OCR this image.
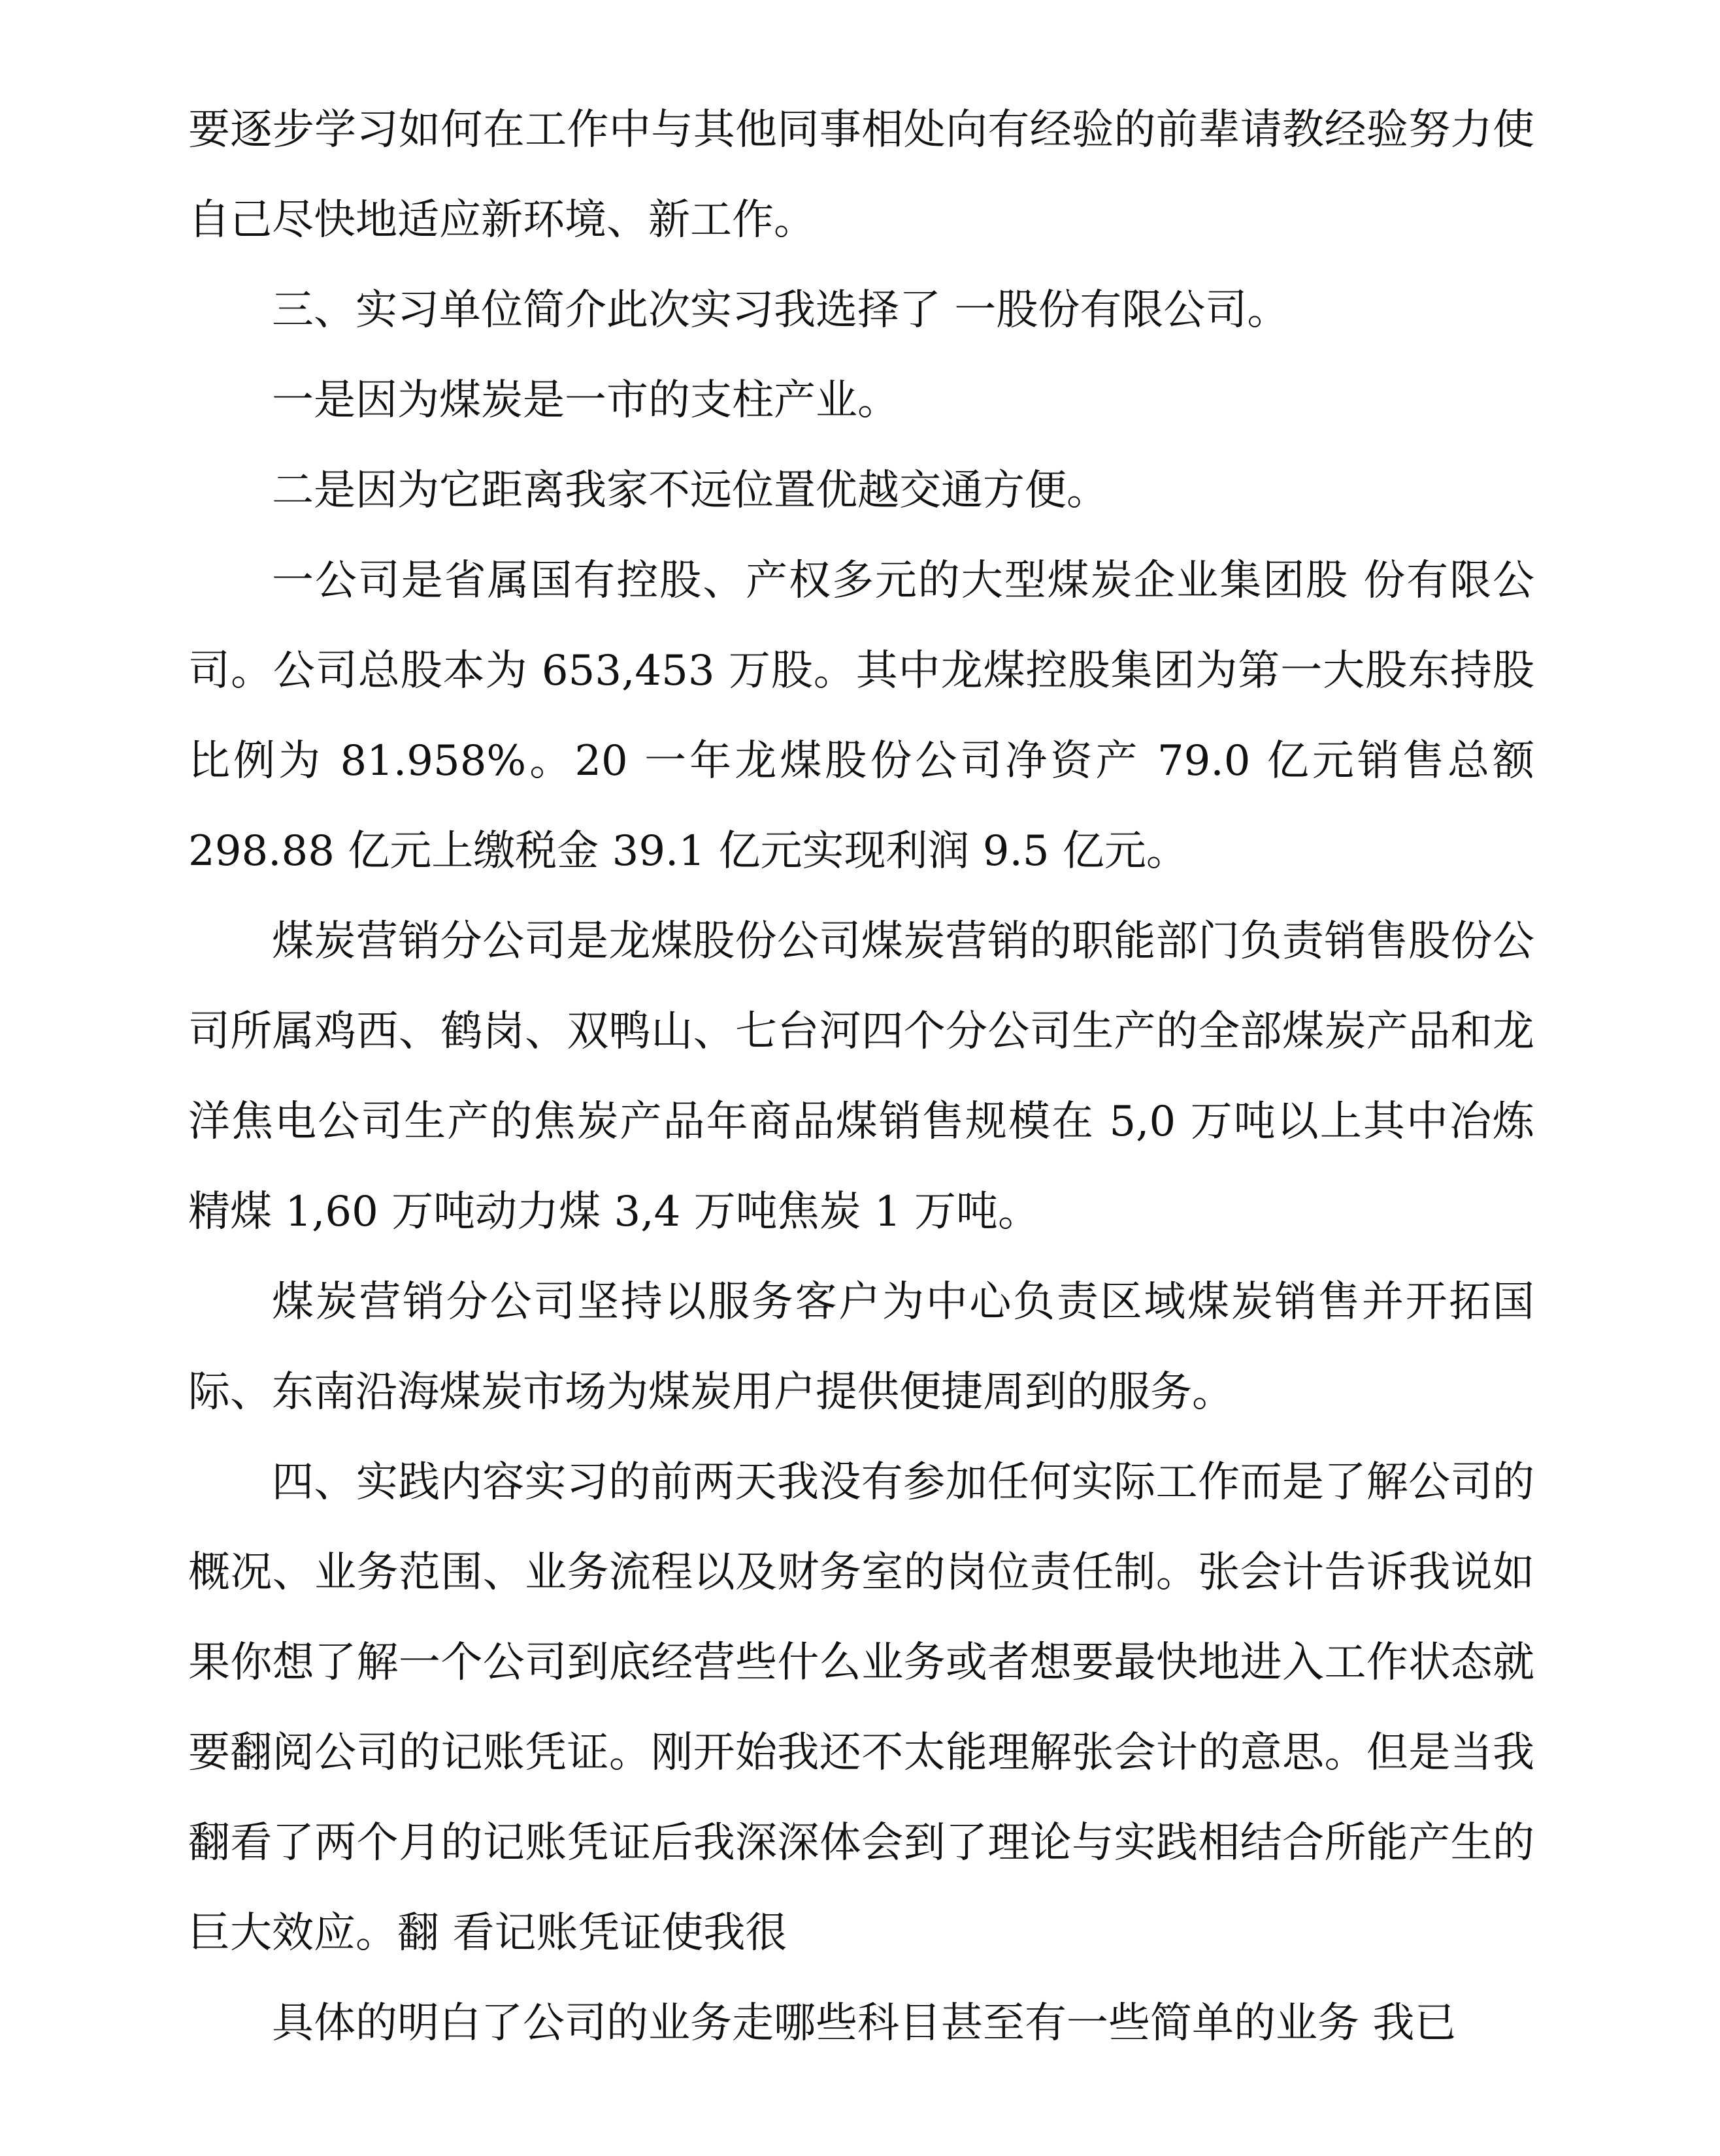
要逐步学习如何在工作中与其他同事相处向有经验的前辈请教经验努力使自己尽快地适应新环境、新工作。

三、实习单位简介此次实习我选择了 一股份有限公司。

一是因为煤炭是一市的支柱产业。

二是因为它距离我家不远位置优越交通方便。

一公司是省属国有控股、产权多元的大型煤炭企业集团股 份有限公司。公司总股本为 653,453 万股。其中龙煤控股集团为第一大股东持股比例为 81.958%。20 一年龙煤股份公司净资产 79.0 亿元销售总额 298.88 亿元上缴税金 39.1 亿元实现利润 9.5 亿元。

煤炭营销分公司是龙煤股份公司煤炭营销的职能部门负责销售股份公司所属鸡西、鹤岗、双鸭山、七台河四个分公司生产的全部煤炭产品和龙洋焦电公司生产的焦炭产品年商品煤销售规模在 5,0 万吨以上其中冶炼精煤 1,60 万吨动力煤 3,4 万吨焦炭 1 万吨。

煤炭营销分公司坚持以服务客户为中心负责区域煤炭销售并开拓国际、东南沿海煤炭市场为煤炭用户提供便捷周到的服务。

四、实践内容实习的前两天我没有参加任何实际工作而是了解公司的概况、业务范围、业务流程以及财务室的岗位责任制。张会计告诉我说如果你想了解一个公司到底经营些什么业务或者想要最快地进入工作状态就要翻阅公司的记账凭证。刚开始我还不太能理解张会计的意思。但是当我翻看了两个月的记账凭证后我深深体会到了理论与实践相结合所能产生的巨大效应。翻 看记账凭证使我很

具体的明白了公司的业务走哪些科目甚至有一些简单的业务 我已
